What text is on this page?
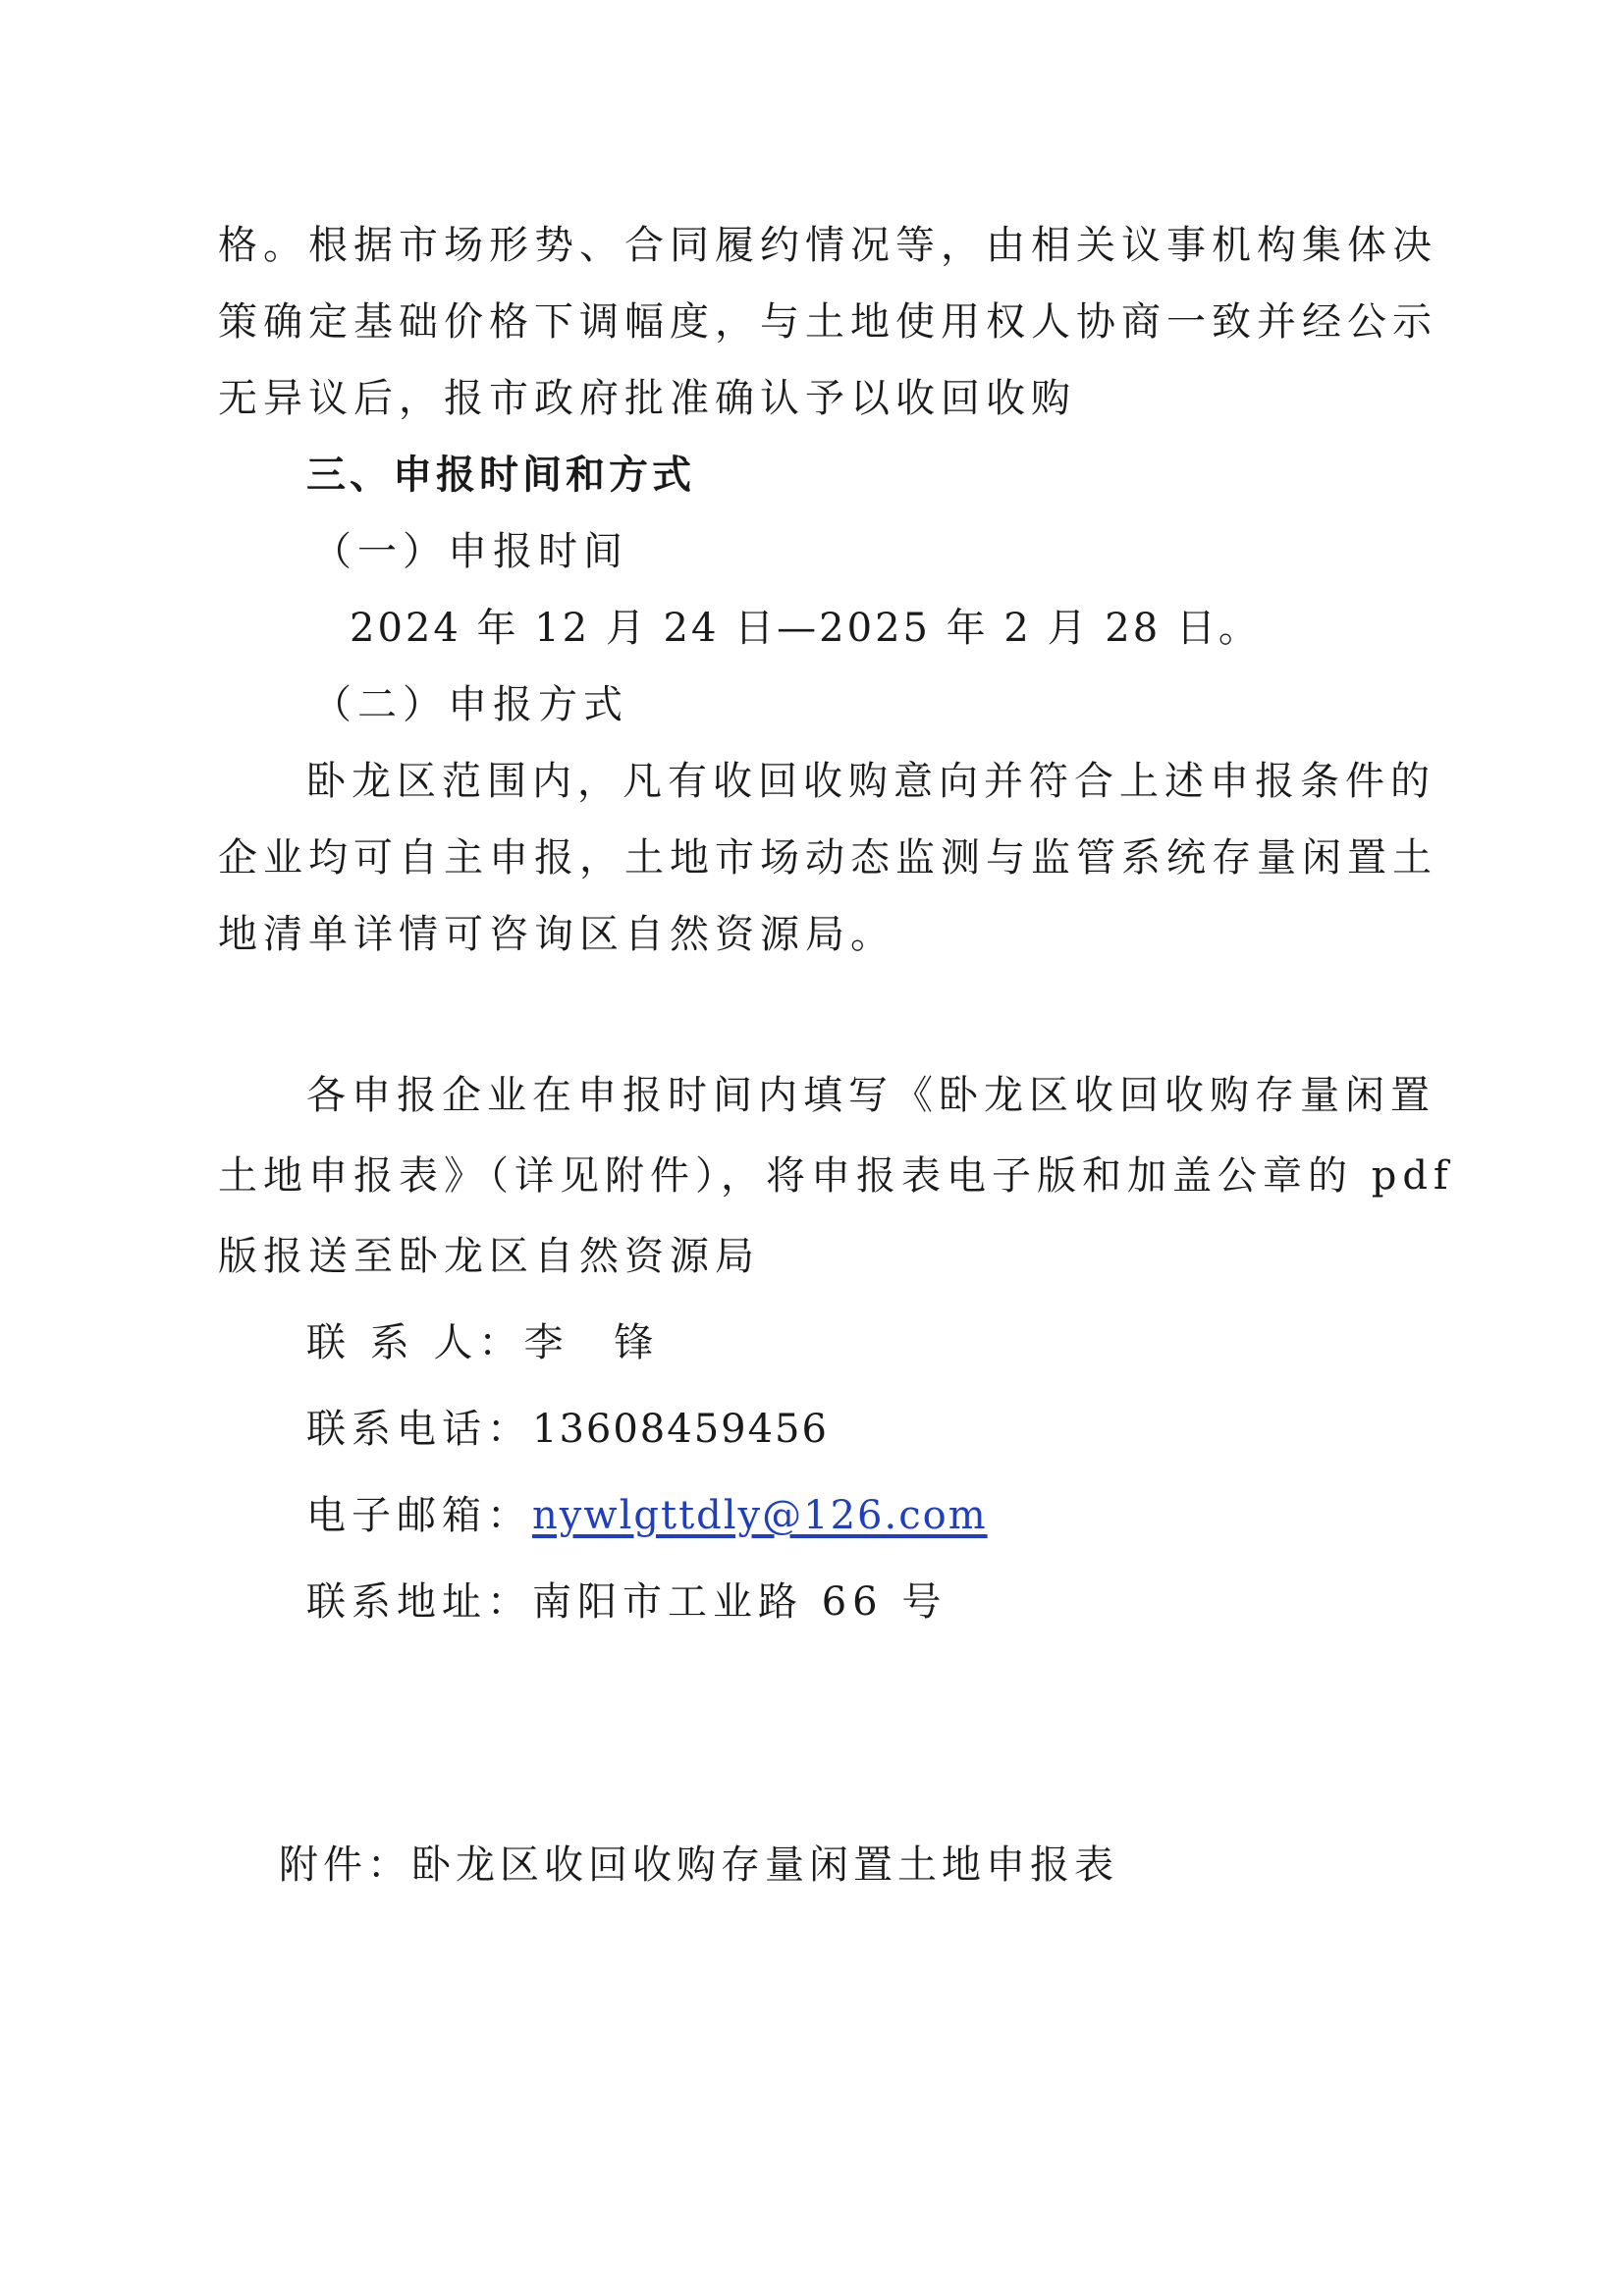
格。根据市场形势、合同履约情况等，由相关议事机构集体决
策确定基础价格下调幅度，与土地使用权人协商一致并经公示
无异议后，报市政府批准确认予以收回收购
三、申报时间和方式
（一）申报时间
2024 年 12 月 24 日—2025 年 2 月 28 日。
（二）申报方式
卧龙区范围内，凡有收回收购意向并符合上述申报条件的
企业均可自主申报，土地市场动态监测与监管系统存量闲置土
地清单详情可咨询区自然资源局。
各申报企业在申报时间内填写《卧龙区收回收购存量闲置
土地申报表》（详见附件），将申报表电子版和加盖公章的 pdf
版报送至卧龙区自然资源局
联 系 人：李　锋
联系电话：13608459456
电子邮箱：nywlgttdly@126.com
联系地址：南阳市工业路 66 号
附件：卧龙区收回收购存量闲置土地申报表
